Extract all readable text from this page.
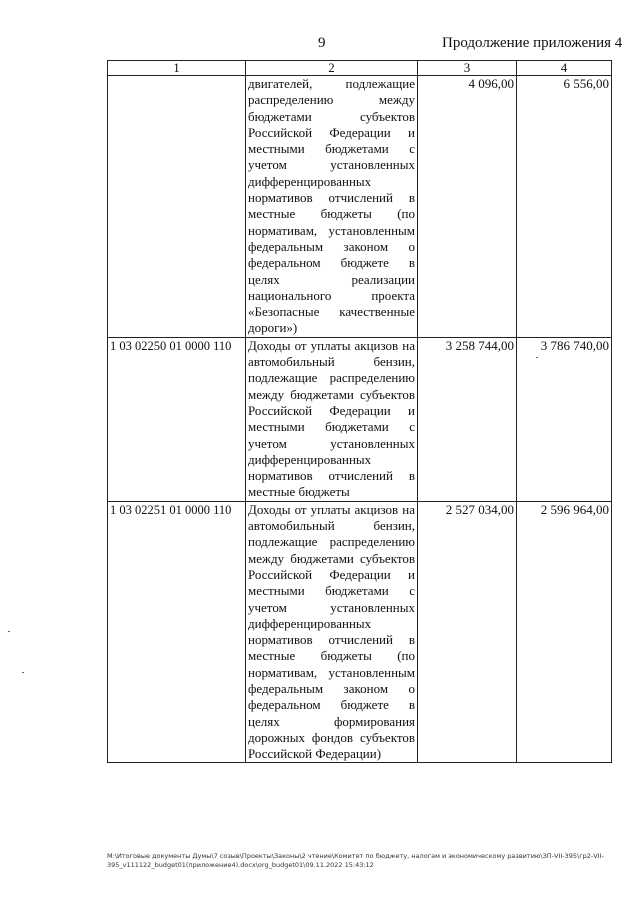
9	Продолжение приложения 4
1	2	3	4
	двигателей, подлежащие распределению между бюджетами субъектов Российской Федерации и местными бюджетами с учетом установленных дифференцированных нормативов отчислений в местные бюджеты (по нормативам, установленным федеральным законом о федеральном бюджете в целях реализации национального проекта «Безопасные качественные дороги»)	4 096,00	6 556,00
1 03 02250 01 0000 110	Доходы от уплаты акцизов на автомобильный бензин, подлежащие распределению между бюджетами субъектов Российской Федерации и местными бюджетами с учетом установленных дифференцированных нормативов отчислений в местные бюджеты	3 258 744,00	3 786 740,00
1 03 02251 01 0000 110	Доходы от уплаты акцизов на автомобильный бензин, подлежащие распределению между бюджетами субъектов Российской Федерации и местными бюджетами с учетом установленных дифференцированных нормативов отчислений в местные бюджеты (по нормативам, установленным федеральным законом о федеральном бюджете в целях формирования дорожных фондов субъектов Российской Федерации)	2 527 034,00	2 596 964,00
М:\Итоговые документы Думы\7 созыв\Проекты\Законы\2 чтение\Комитет по бюджету, налогам и экономическому развитию\ЗП-VII-395\гр2-VII-395_v111122_budget01(приложение4).docx\org_budget01\09.11.2022 15:43:12
